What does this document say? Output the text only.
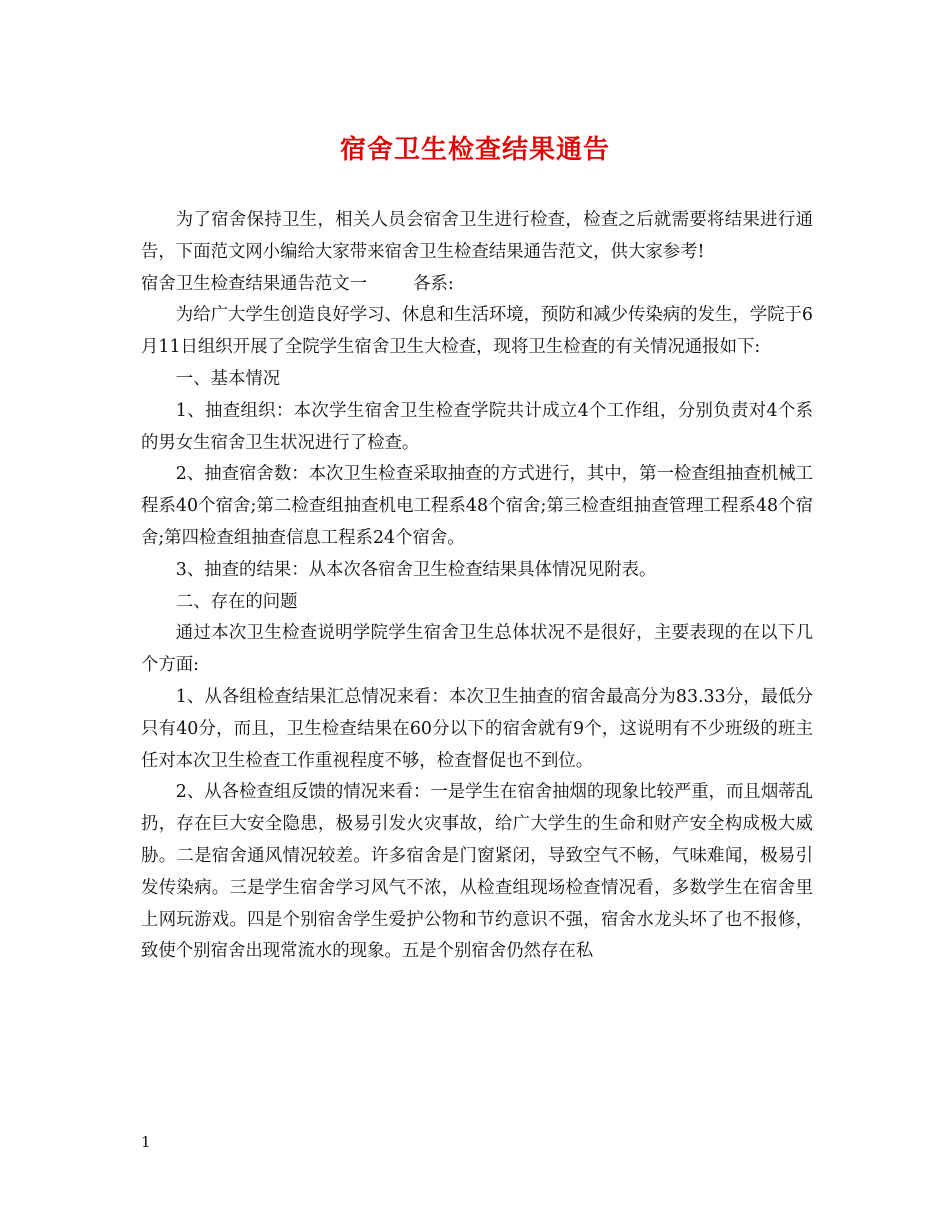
宿舍卫生检查结果通告

为了宿舍保持卫生，相关人员会宿舍卫生进行检查，检查之后就需要将结果进行通告，下面范文网小编给大家带来宿舍卫生检查结果通告范文，供大家参考!

宿舍卫生检查结果通告范文一	各系:

为给广大学生创造良好学习、休息和生活环境，预防和减少传染病的发生，学院于6月11日组织开展了全院学生宿舍卫生大检查，现将卫生检查的有关情况通报如下:

一、基本情况

1、抽查组织：本次学生宿舍卫生检查学院共计成立4个工作组，分别负责对4个系的男女生宿舍卫生状况进行了检查。

2、抽查宿舍数：本次卫生检查采取抽查的方式进行，其中，第一检查组抽查机械工程系40个宿舍;第二检查组抽查机电工程系48个宿舍;第三检查组抽查管理工程系48个宿舍;第四检查组抽查信息工程系24个宿舍。

3、抽查的结果：从本次各宿舍卫生检查结果具体情况见附表。

二、存在的问题

通过本次卫生检查说明学院学生宿舍卫生总体状况不是很好，主要表现的在以下几个方面:

1、从各组检查结果汇总情况来看：本次卫生抽查的宿舍最高分为83.33分，最低分只有40分，而且，卫生检查结果在60分以下的宿舍就有9个，这说明有不少班级的班主任对本次卫生检查工作重视程度不够，检查督促也不到位。

2、从各检查组反馈的情况来看：一是学生在宿舍抽烟的现象比较严重，而且烟蒂乱扔，存在巨大安全隐患，极易引发火灾事故，给广大学生的生命和财产安全构成极大威胁。二是宿舍通风情况较差。许多宿舍是门窗紧闭，导致空气不畅，气味难闻，极易引发传染病。三是学生宿舍学习风气不浓，从检查组现场检查情况看，多数学生在宿舍里上网玩游戏。四是个别宿舍学生爱护公物和节约意识不强，宿舍水龙头坏了也不报修，致使个别宿舍出现常流水的现象。五是个别宿舍仍然存在私

1
